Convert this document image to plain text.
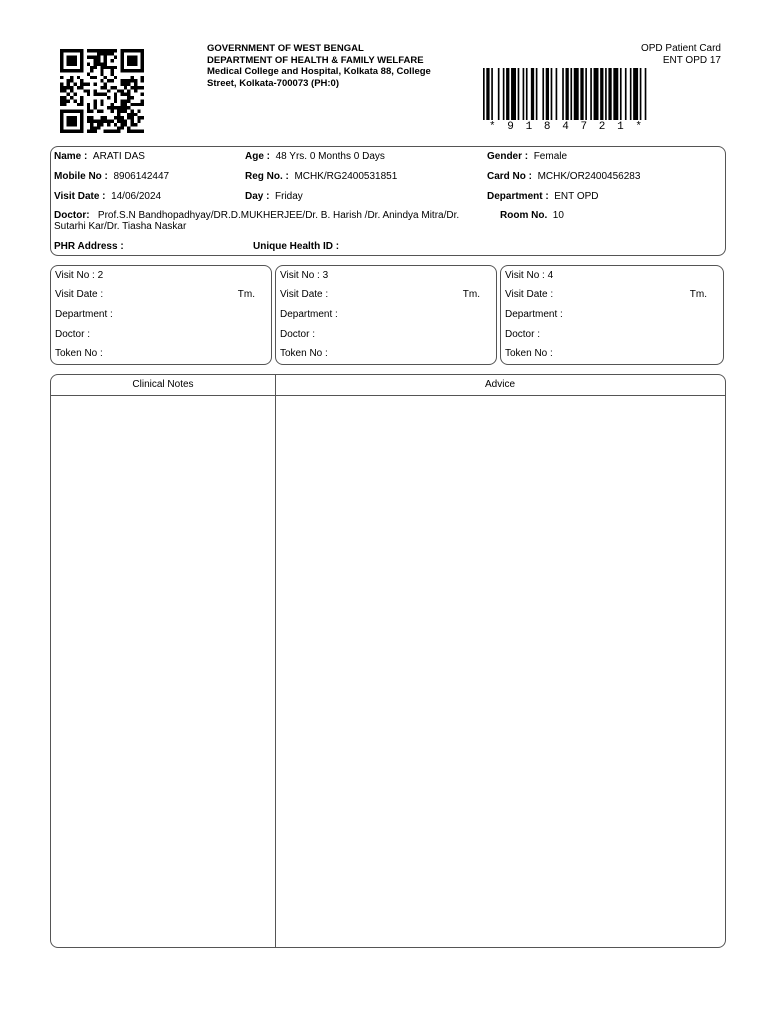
GOVERNMENT OF WEST BENGAL
DEPARTMENT OF HEALTH & FAMILY WELFARE
Medical College and Hospital, Kolkata 88, College
Street, Kolkata-700073 (PH:0)
OPD Patient Card
ENT OPD 17
* 9 1 8 4 7 2 1 *
Name : ARATI DAS	Age : 48 Yrs. 0 Months 0 Days	Gender : Female
Mobile No : 8906142447	Reg No. : MCHK/RG2400531851	Card No : MCHK/OR2400456283
Visit Date : 14/06/2024	Day : Friday	Department : ENT OPD
Doctor: Prof.S.N Bandhopadhyay/DR.D.MUKHERJEE/Dr. B. Harish /Dr. Anindya Mitra/Dr.
Sutarhi Kar/Dr. Tiasha Naskar
Room No. 10
PHR Address :	Unique Health ID :
Visit No : 2
Visit Date :	Tm.
Department :
Doctor :
Token No :
Visit No : 3
Visit Date :	Tm.
Department :
Doctor :
Token No :
Visit No : 4
Visit Date :	Tm.
Department :
Doctor :
Token No :
Clinical Notes	Advice
